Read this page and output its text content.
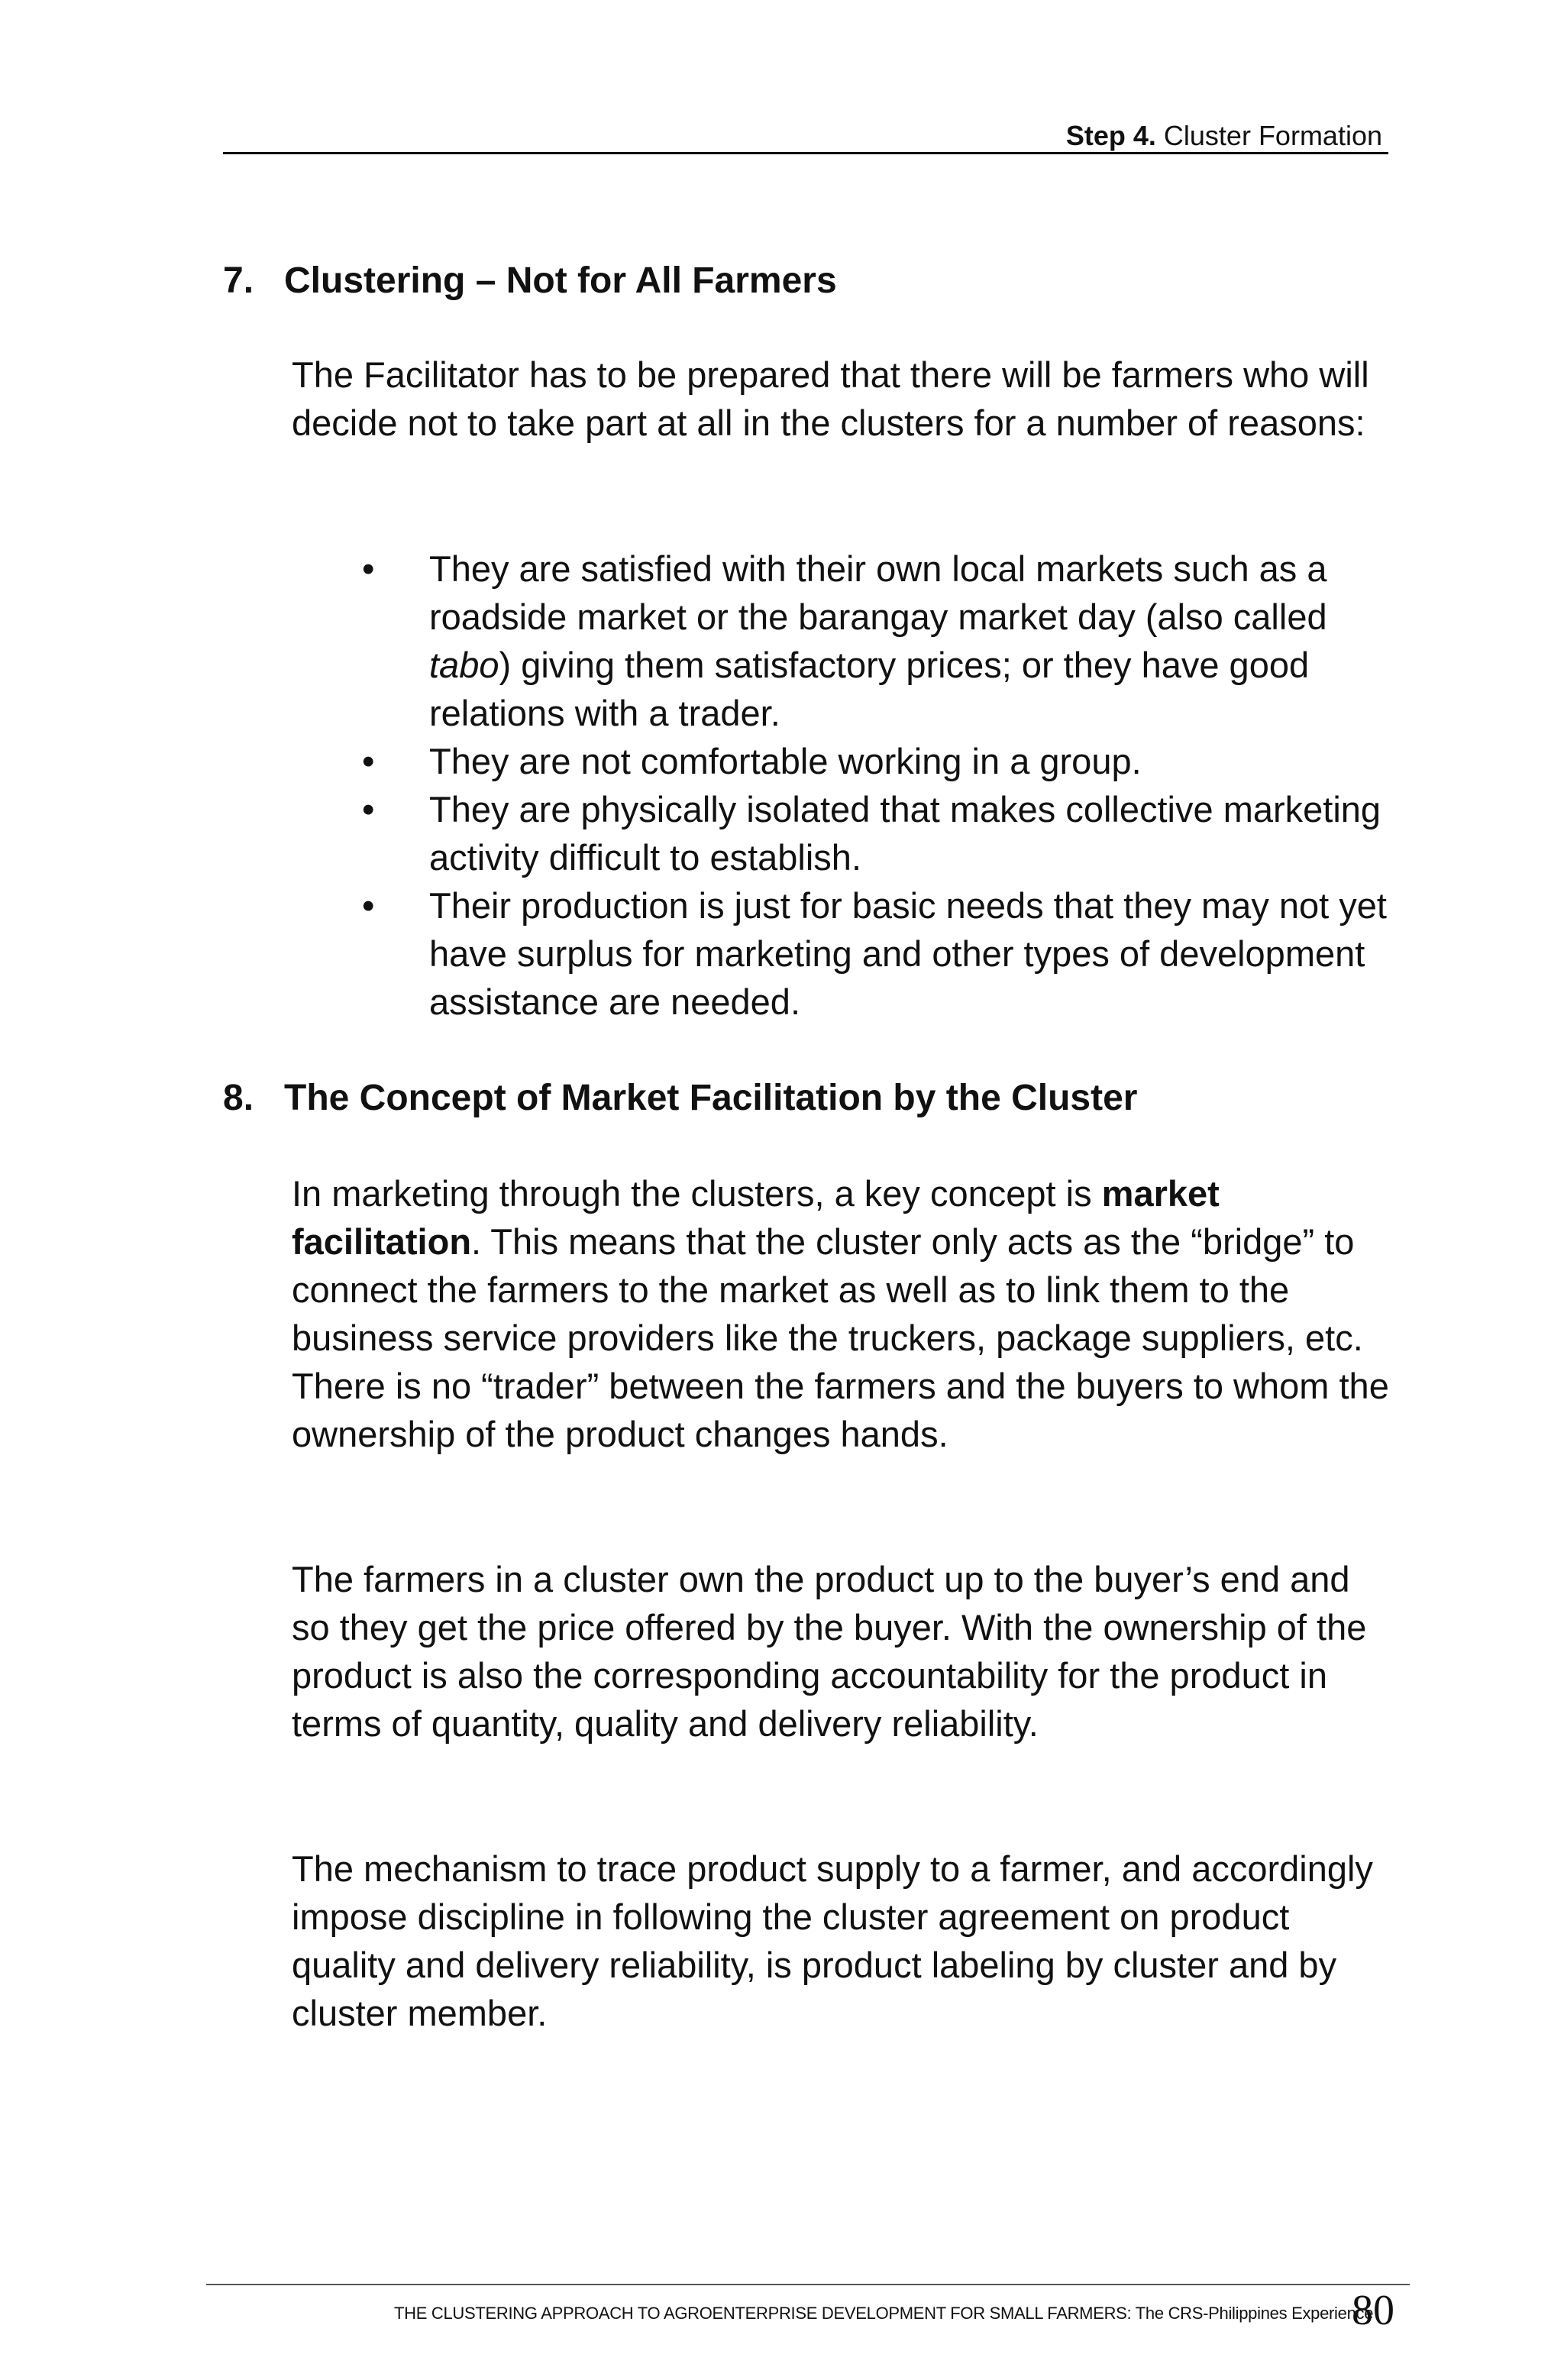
Step 4. Cluster Formation
7. Clustering – Not for All Farmers

The Facilitator has to be prepared that there will be farmers who will decide not to take part at all in the clusters for a number of reasons:

• They are satisfied with their own local markets such as a roadside market or the barangay market day (also called tabo) giving them satisfactory prices; or they have good relations with a trader.
• They are not comfortable working in a group.
• They are physically isolated that makes collective marketing activity difficult to establish.
• Their production is just for basic needs that they may not yet have surplus for marketing and other types of development assistance are needed.
8. The Concept of Market Facilitation by the Cluster

In marketing through the clusters, a key concept is market facilitation. This means that the cluster only acts as the “bridge” to connect the farmers to the market as well as to link them to the business service providers like the truckers, package suppliers, etc. There is no “trader” between the farmers and the buyers to whom the ownership of the product changes hands.

The farmers in a cluster own the product up to the buyer’s end and so they get the price offered by the buyer. With the ownership of the product is also the corresponding accountability for the product in terms of quantity, quality and delivery reliability.

The mechanism to trace product supply to a farmer, and accordingly impose discipline in following the cluster agreement on product quality and delivery reliability, is product labeling by cluster and by cluster member.

THE CLUSTERING APPROACH TO AGROENTERPRISE DEVELOPMENT FOR SMALL FARMERS: The CRS-Philippines Experience
80
